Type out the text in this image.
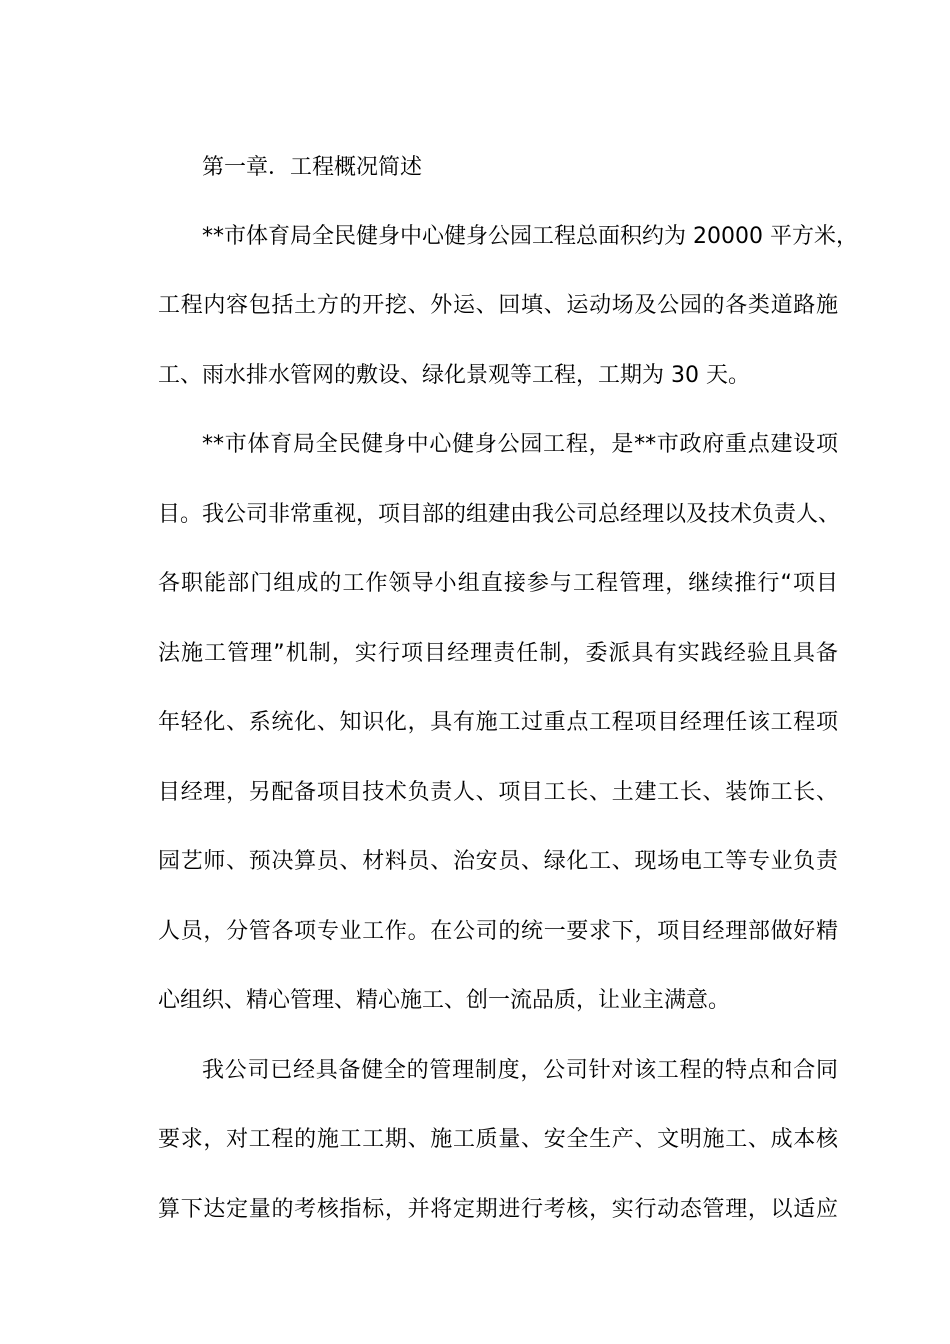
第一章．工程概况简述
**市体育局全民健身中心健身公园工程总面积约为 20000 平方米，
工程内容包括土方的开挖、外运、回填、运动场及公园的各类道路施
工、雨水排水管网的敷设、绿化景观等工程，工期为 30 天。
**市体育局全民健身中心健身公园工程，是**市政府重点建设项
目。我公司非常重视，项目部的组建由我公司总经理以及技术负责人、
各职能部门组成的工作领导小组直接参与工程管理，继续推行“项目
法施工管理”机制，实行项目经理责任制，委派具有实践经验且具备
年轻化、系统化、知识化，具有施工过重点工程项目经理任该工程项
目经理，另配备项目技术负责人、项目工长、土建工长、装饰工长、
园艺师、预决算员、材料员、治安员、绿化工、现场电工等专业负责
人员，分管各项专业工作。在公司的统一要求下，项目经理部做好精
心组织、精心管理、精心施工、创一流品质，让业主满意。
我公司已经具备健全的管理制度，公司针对该工程的特点和合同
要求，对工程的施工工期、施工质量、安全生产、文明施工、成本核
算下达定量的考核指标，并将定期进行考核，实行动态管理，以适应
